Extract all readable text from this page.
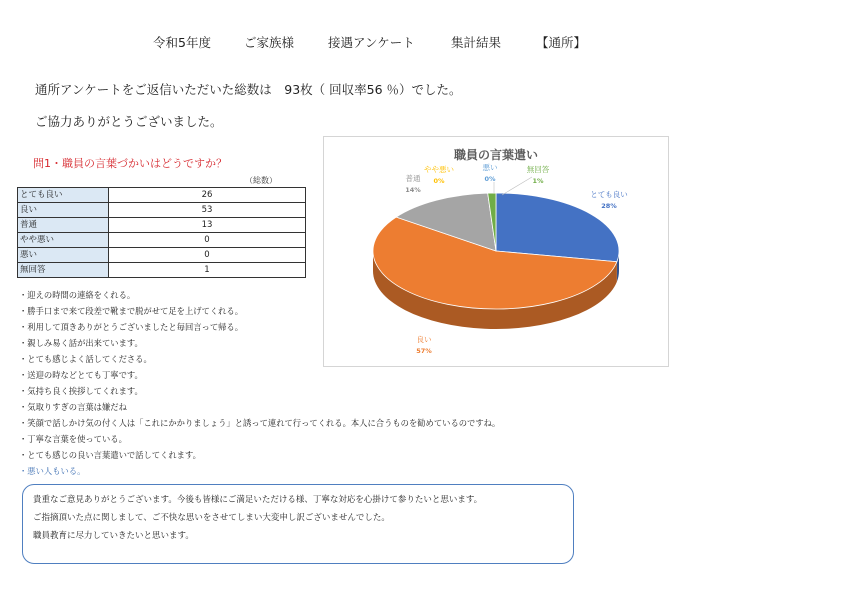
令和5年度	ご家族様	接遇アンケート	集計結果	【通所】
通所アンケートをご返信いただいた総数は　93枚（ 回収率56 ％）でした。
ご協力ありがとうございました。
問1・職員の言葉づかいはどうですか？
（総数）
とても良い	26
良い	53
普通	13
やや悪い	0
悪い	0
無回答	1
・迎えの時間の連絡をくれる。
・勝手口まで来て段差で靴まで脱がせて足を上げてくれる。
・利用して頂きありがとうございましたと毎回言って帰る。
・親しみ易く話が出来ています。
・とても感じよく話してくださる。
・送迎の時などとても丁寧です。
・気持ち良く挨拶してくれます。
・気取りすぎの言葉は嫌だね
・笑顔で話しかけ気の付く人は「これにかかりましょう」と誘って連れて行ってくれる。本人に合うものを勧めているのですね。
・丁寧な言葉を使っている。
・とても感じの良い言葉遣いで話してくれます。
・悪い人もいる。
職員の言葉遣い
とても良い
28%
良い
57%
普通
14%
やや悪い
0%
悪い
0%
無回答
1%
貴重なご意見ありがとうございます。今後も皆様にご満足いただける様、丁寧な対応を心掛けて参りたいと思います。
ご指摘頂いた点に関しまして、ご不快な思いをさせてしまい大変申し訳ございませんでした。
職員教育に尽力していきたいと思います。
